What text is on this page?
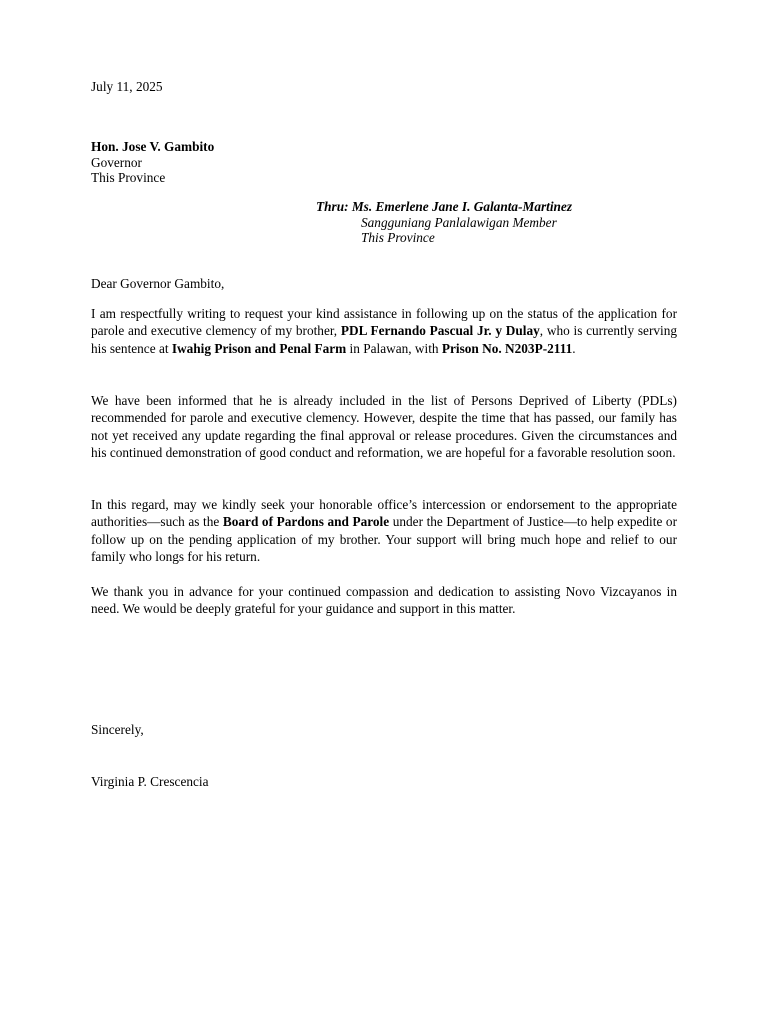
July 11, 2025
Hon. Jose V. Gambito
Governor
This Province
Thru: Ms. Emerlene Jane I. Galanta-Martinez
Sangguniang Panlalawigan Member
This Province
Dear Governor Gambito,
I am respectfully writing to request your kind assistance in following up on the status of the application for parole and executive clemency of my brother, PDL Fernando Pascual Jr. y Dulay, who is currently serving his sentence at Iwahig Prison and Penal Farm in Palawan, with Prison No. N203P-2111.
We have been informed that he is already included in the list of Persons Deprived of Liberty (PDLs) recommended for parole and executive clemency. However, despite the time that has passed, our family has not yet received any update regarding the final approval or release procedures. Given the circumstances and his continued demonstration of good conduct and reformation, we are hopeful for a favorable resolution soon.
In this regard, may we kindly seek your honorable office’s intercession or endorsement to the appropriate authorities—such as the Board of Pardons and Parole under the Department of Justice—to help expedite or follow up on the pending application of my brother. Your support will bring much hope and relief to our family who longs for his return.
We thank you in advance for your continued compassion and dedication to assisting Novo Vizcayanos in need. We would be deeply grateful for your guidance and support in this matter.
Sincerely,
Virginia P. Crescencia
